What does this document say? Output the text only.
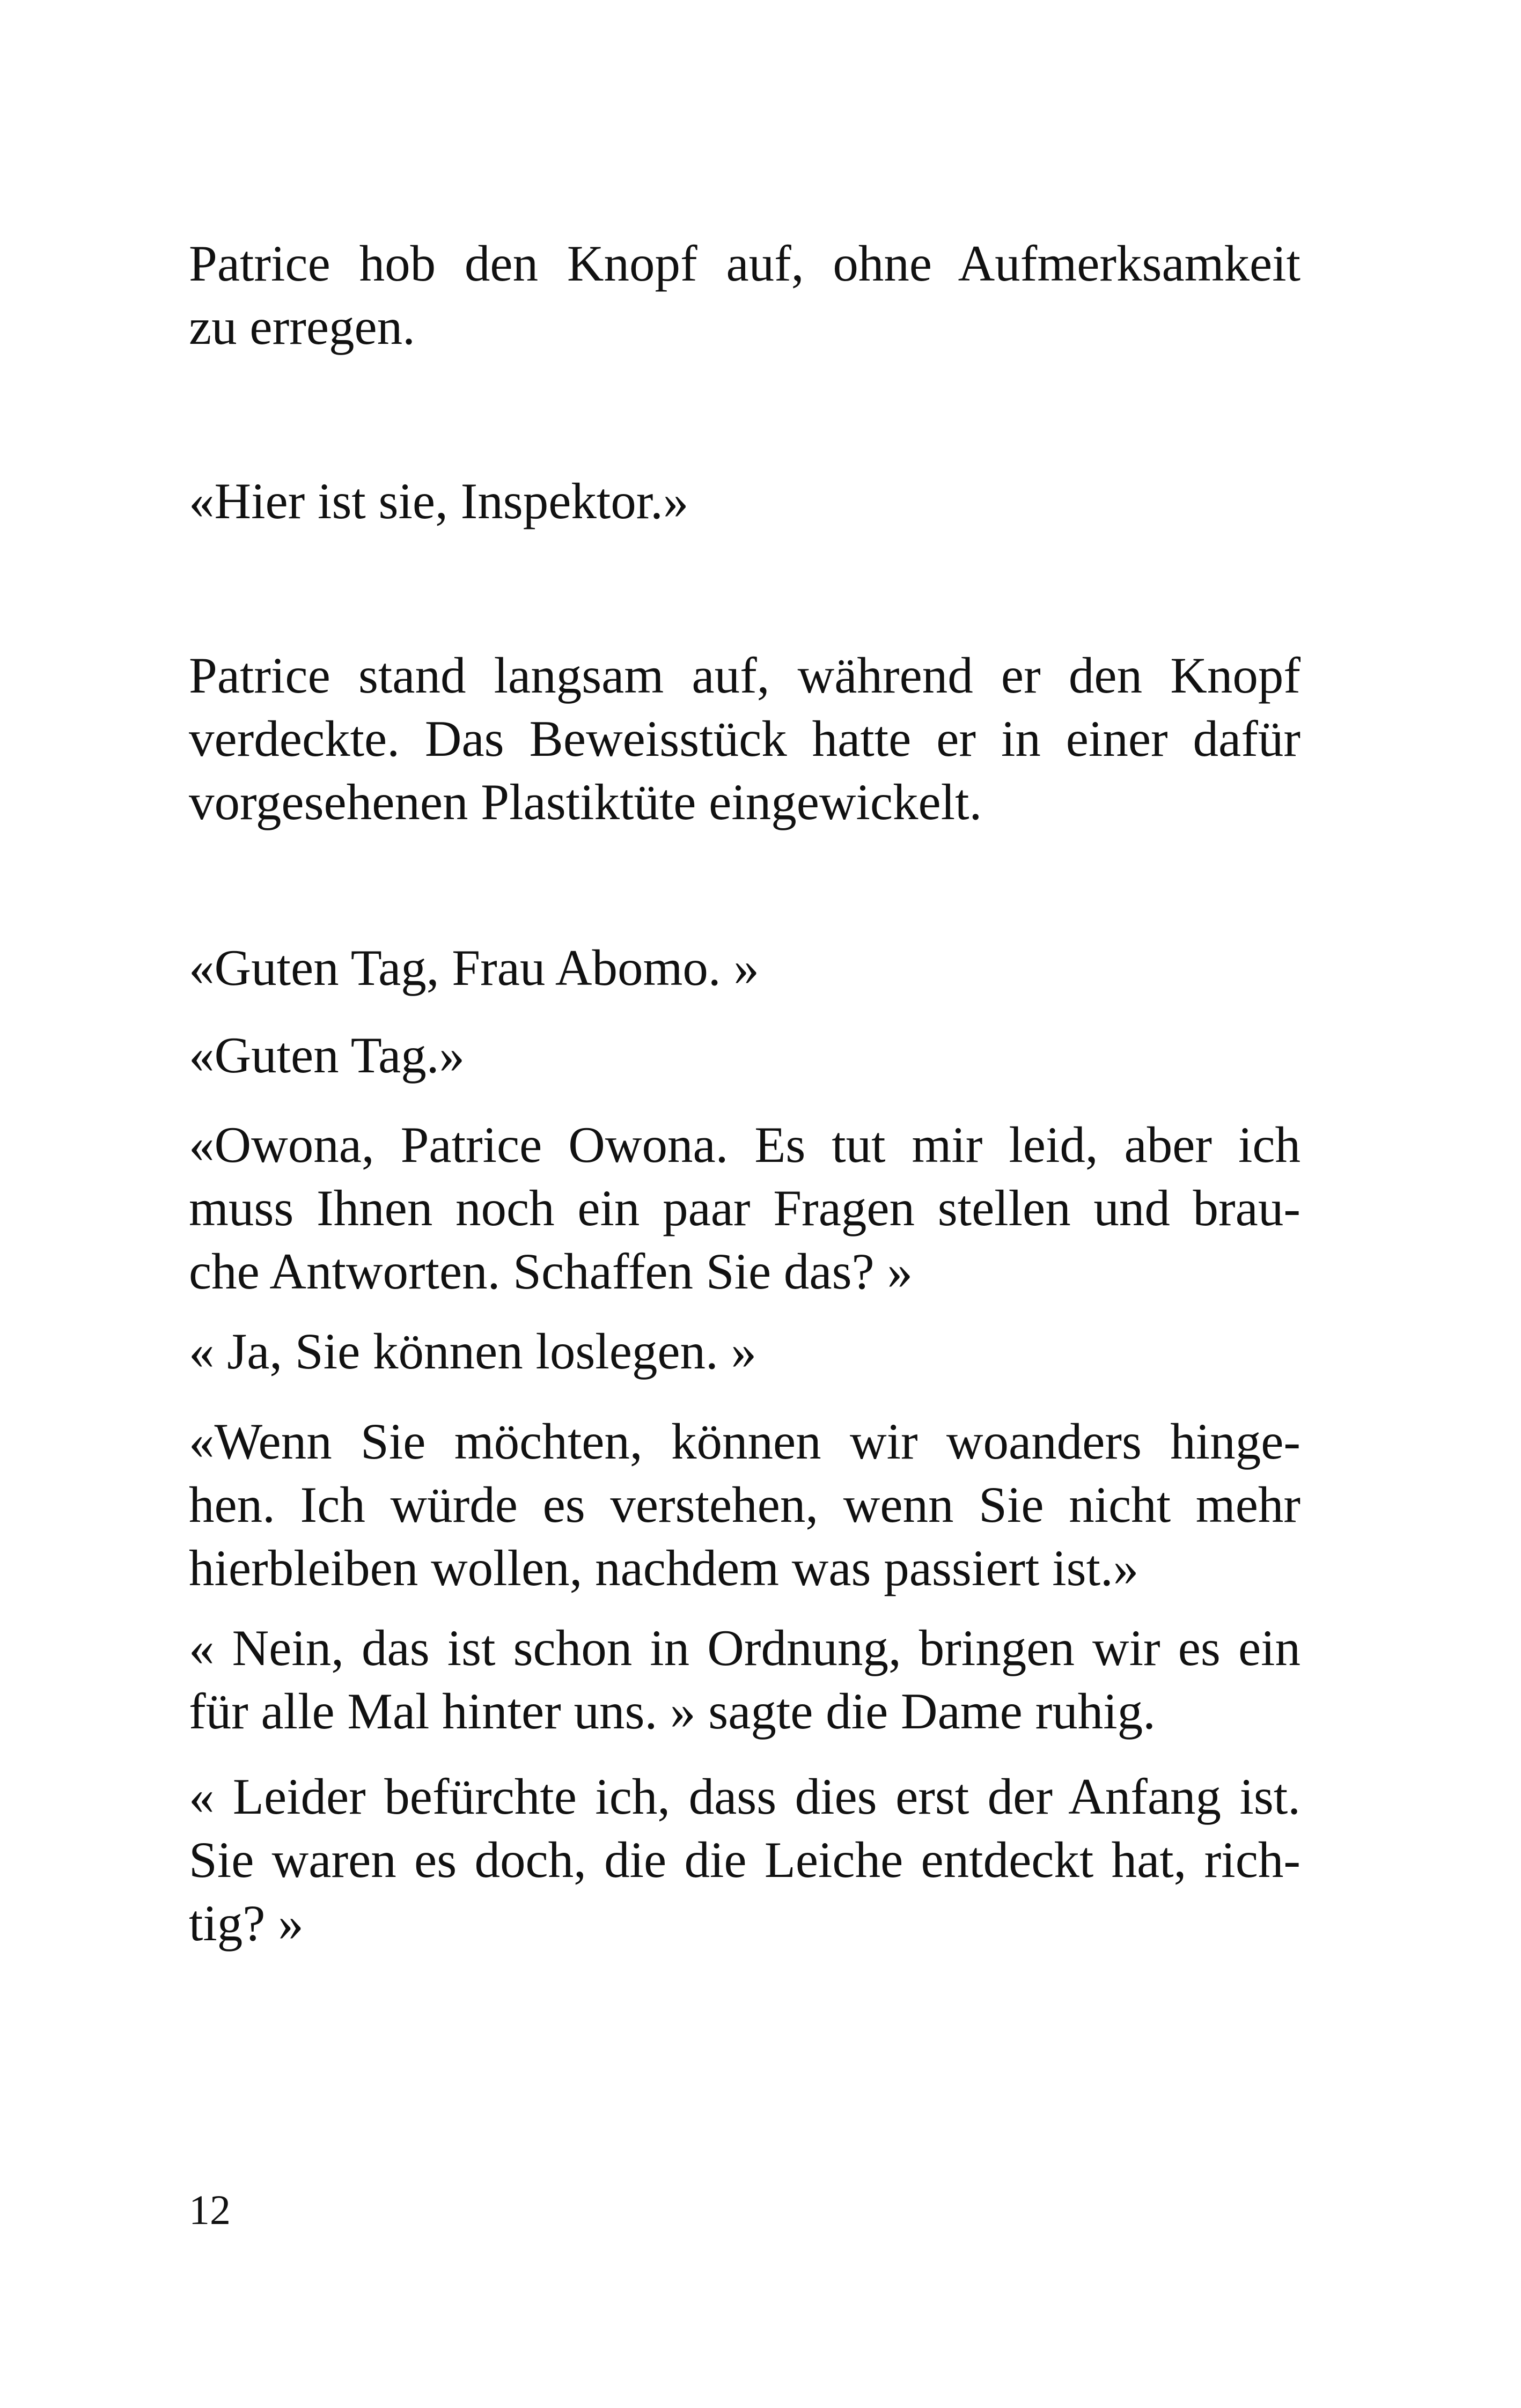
Patrice hob den Knopf auf, ohne Aufmerksamkeit
zu erregen.

«Hier ist sie, Inspektor.»

Patrice stand langsam auf, während er den Knopf
verdeckte. Das Beweisstück hatte er in einer dafür
vorgesehenen Plastiktüte eingewickelt.

«Guten Tag, Frau Abomo. »

«Guten Tag.»

«Owona, Patrice Owona. Es tut mir leid, aber ich
muss Ihnen noch ein paar Fragen stellen und brau-
che Antworten. Schaffen Sie das? »

« Ja, Sie können loslegen. »

«Wenn Sie möchten, können wir woanders hinge-
hen. Ich würde es verstehen, wenn Sie nicht mehr
hierbleiben wollen, nachdem was passiert ist.»

« Nein, das ist schon in Ordnung, bringen wir es ein
für alle Mal hinter uns. » sagte die Dame ruhig.

« Leider befürchte ich, dass dies erst der Anfang ist.
Sie waren es doch, die die Leiche entdeckt hat, rich-
tig? »

12
